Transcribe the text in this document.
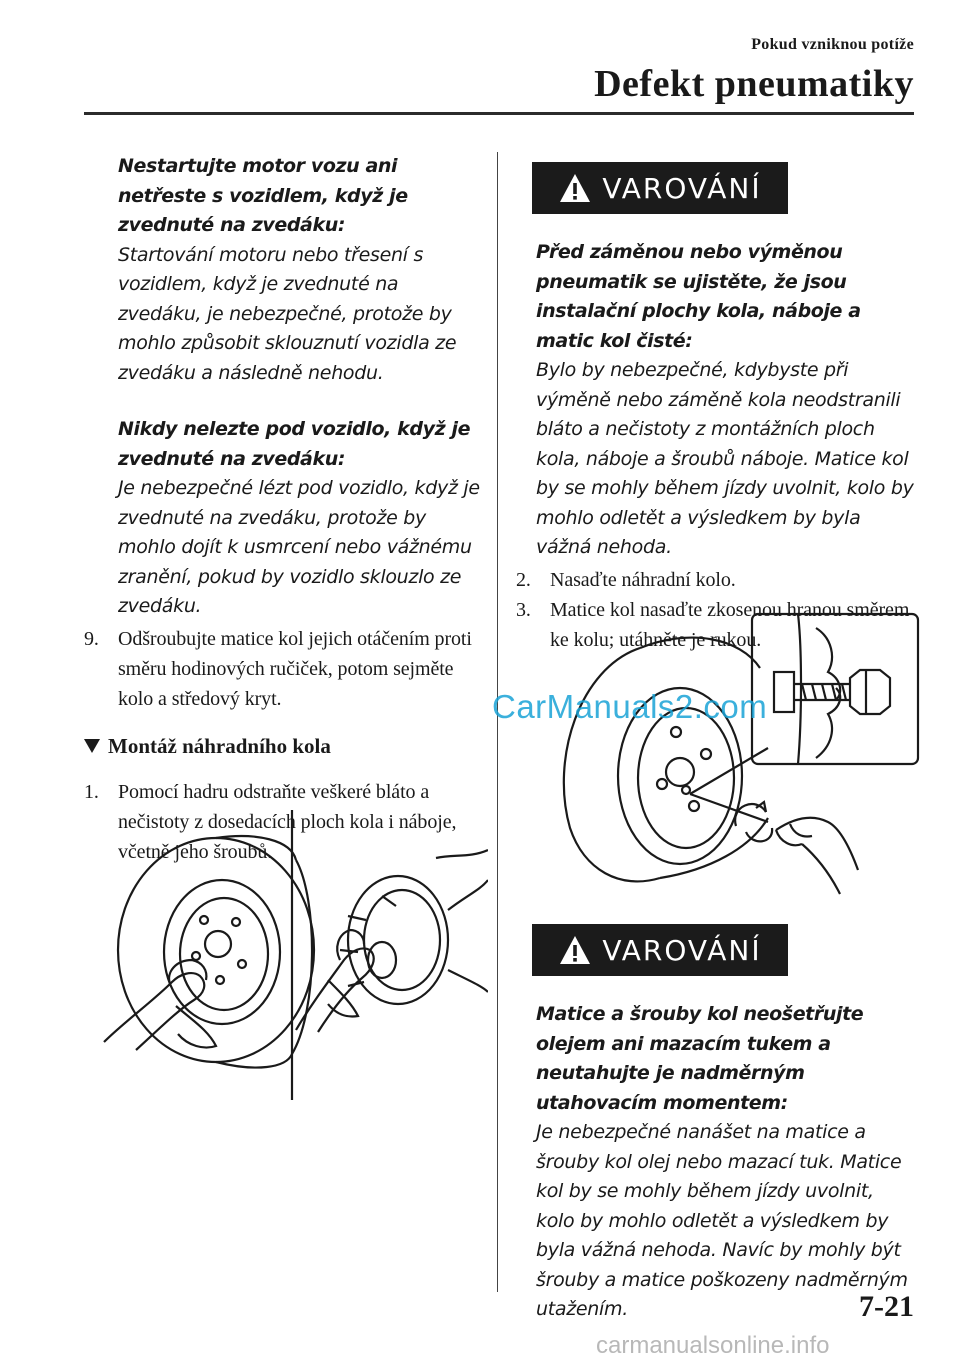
Pokud vzniknou potíže
Defekt pneumatiky
Nestartujte motor vozu ani netřeste s vozidlem, když je zvednuté na zvedáku:
Startování motoru nebo třesení s vozidlem, když je zvednuté na zvedáku, je nebezpečné, protože by mohlo způsobit sklouznutí vozidla ze zvedáku a následně nehodu.
Nikdy nelezte pod vozidlo, když je zvednuté na zvedáku:
Je nebezpečné lézt pod vozidlo, když je zvednuté na zvedáku, protože by mohlo dojít k usmrcení nebo vážnému zranění, pokud by vozidlo sklouzlo ze zvedáku.
9. Odšroubujte matice kol jejich otáčením proti směru hodinových ručiček, potom sejměte kolo a středový kryt.
Montáž náhradního kola
1. Pomocí hadru odstraňte veškeré bláto a nečistoty z dosedacích ploch kola i náboje, včetně jeho šroubů.
VAROVÁNÍ
Před záměnou nebo výměnou pneumatik se ujistěte, že jsou instalační plochy kola, náboje a matic kol čisté:
Bylo by nebezpečné, kdybyste při výměně nebo záměně kola neodstranili bláto a nečistoty z montážních ploch kola, náboje a šroubů náboje. Matice kol by se mohly během jízdy uvolnit, kolo by mohlo odletět a výsledkem by byla vážná nehoda.
2. Nasaďte náhradní kolo.
3. Matice kol nasaďte zkosenou hranou směrem ke kolu; utáhněte je rukou.
VAROVÁNÍ
Matice a šrouby kol neošetřujte olejem ani mazacím tukem a neutahujte je nadměrným utahovacím momentem:
Je nebezpečné nanášet na matice a šrouby kol olej nebo mazací tuk. Matice kol by se mohly během jízdy uvolnit, kolo by mohlo odletět a výsledkem by byla vážná nehoda. Navíc by mohly být šrouby a matice poškozeny nadměrným utažením.	7-21
CarManuals2.com
carmanualsonline.info
